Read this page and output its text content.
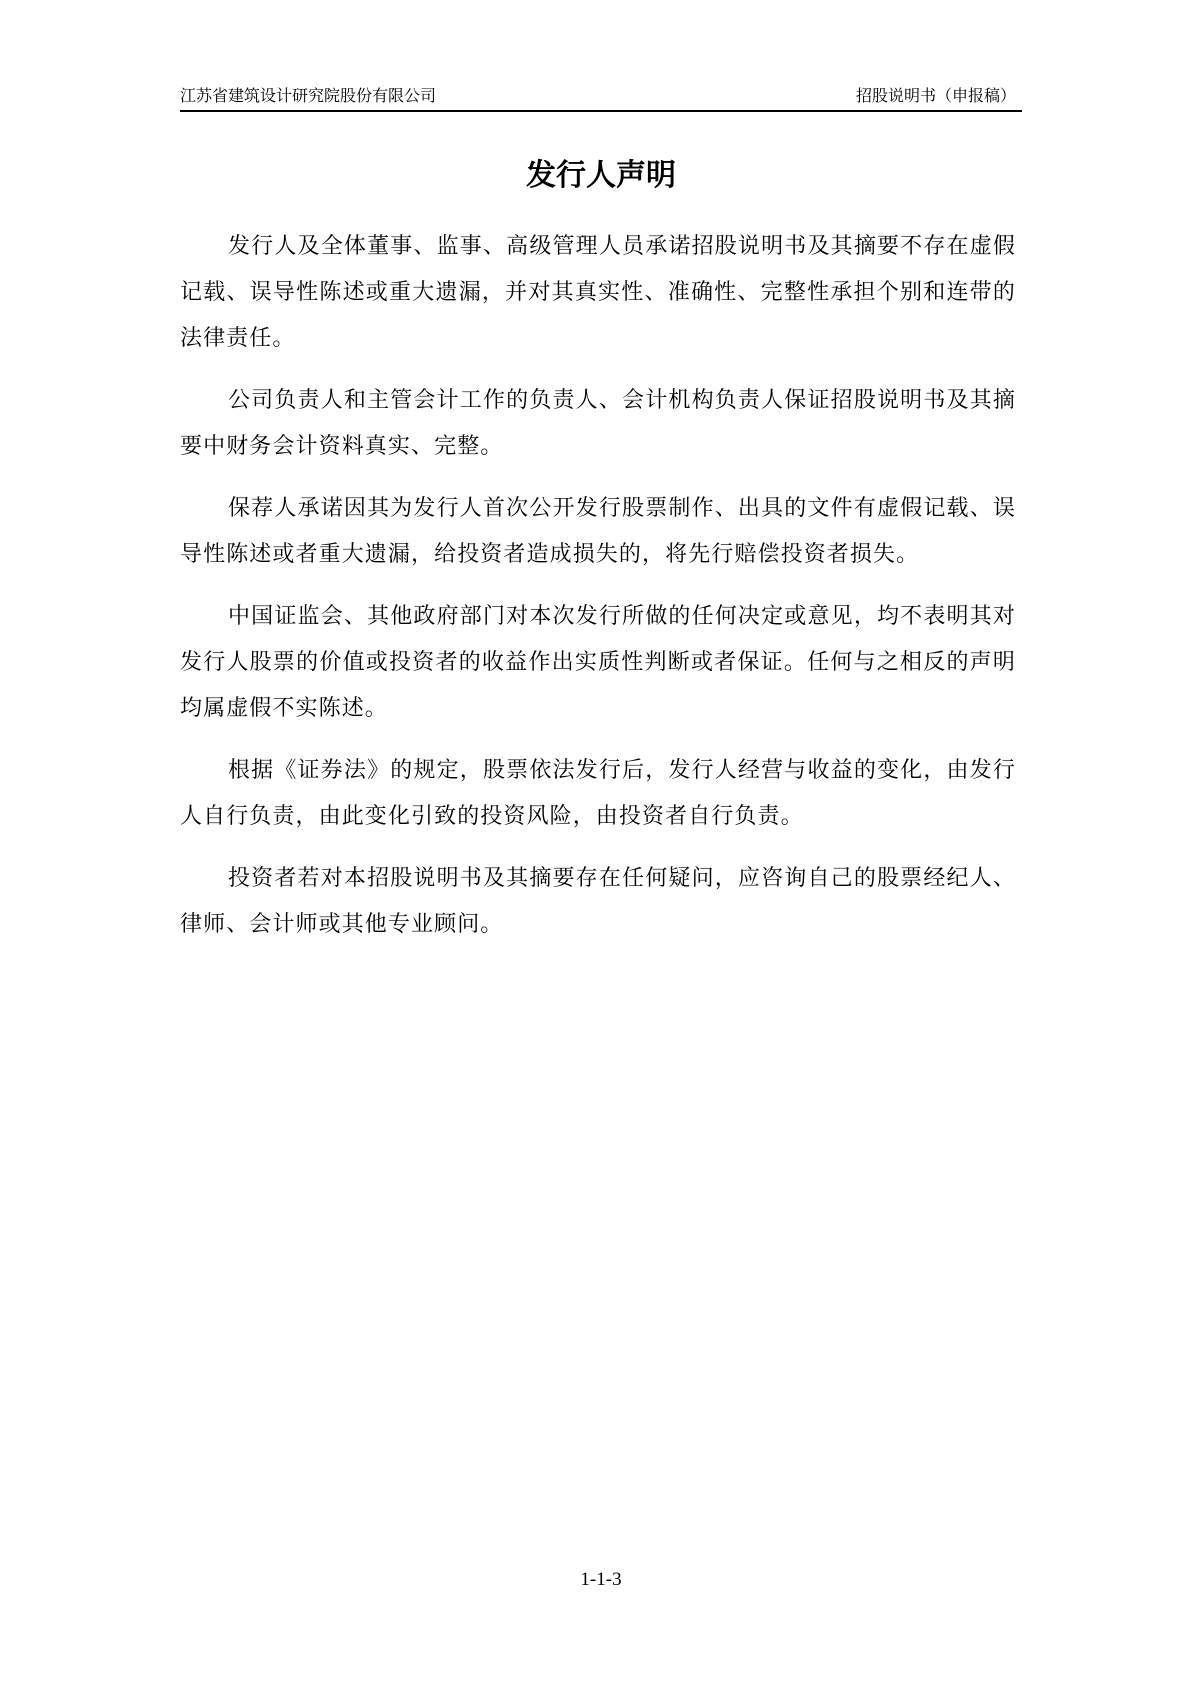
江苏省建筑设计研究院股份有限公司	招股说明书（申报稿）
发行人声明

发行人及全体董事、监事、高级管理人员承诺招股说明书及其摘要不存在虚假记载、误导性陈述或重大遗漏，并对其真实性、准确性、完整性承担个别和连带的法律责任。

公司负责人和主管会计工作的负责人、会计机构负责人保证招股说明书及其摘要中财务会计资料真实、完整。

保荐人承诺因其为发行人首次公开发行股票制作、出具的文件有虚假记载、误导性陈述或者重大遗漏，给投资者造成损失的，将先行赔偿投资者损失。

中国证监会、其他政府部门对本次发行所做的任何决定或意见，均不表明其对发行人股票的价值或投资者的收益作出实质性判断或者保证。任何与之相反的声明均属虚假不实陈述。

根据《证券法》的规定，股票依法发行后，发行人经营与收益的变化，由发行人自行负责，由此变化引致的投资风险，由投资者自行负责。

投资者若对本招股说明书及其摘要存在任何疑问，应咨询自己的股票经纪人、律师、会计师或其他专业顾问。

1-1-3
